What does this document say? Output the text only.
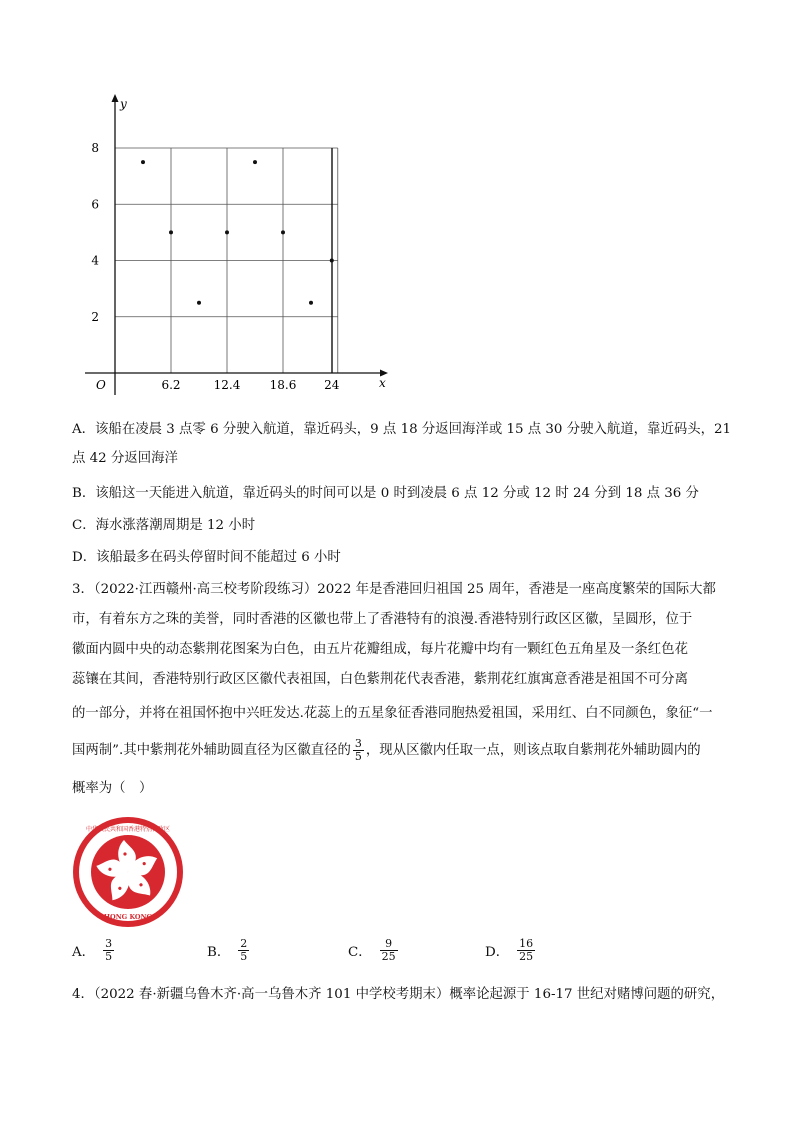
x
y
O
2
4
6
8
6.2	12.4 18.6 24
A．该船在凌晨 3 点零 6 分驶入航道，靠近码头，9 点 18 分返回海洋或 15 点 30 分驶入航道，靠近码头，21
点 42 分返回海洋
B．该船这一天能进入航道，靠近码头的时间可以是 0 时到凌晨 6 点 12 分或 12 时 24 分到 18 点 36 分
C．海水涨落潮周期是 12 小时
D．该船最多在码头停留时间不能超过 6 小时
3．（2022·江西赣州·高三校考阶段练习）2022 年是香港回归祖国 25 周年，香港是一座高度繁荣的国际大都
市，有着东方之珠的美誉，同时香港的区徽也带上了香港特有的浪漫.香港特别行政区区徽，呈圆形，位于
徽面内圆中央的动态紫荆花图案为白色，由五片花瓣组成，每片花瓣中均有一颗红色五角星及一条红色花
蕊镶在其间，香港特别行政区区徽代表祖国，白色紫荆花代表香港，紫荆花红旗寓意香港是祖国不可分离
的一部分，并将在祖国怀抱中兴旺发达.花蕊上的五星象征香港同胞热爱祖国，采用红、白不同颜色，象征“一
国两制”.其中紫荆花外辅助圆直径为区徽直径的 $\frac{3}{5}$ ，现从区徽内任取一点，则该点取自紫荆花外辅助圆内的
概率为（　）
中华人民共和国香港特别行政区
HONG KONG
A． $\frac{3}{5}$	B． $\frac{2}{5}$	C． $\frac{9}{25}$	D． $\frac{16}{25}$
4．（2022 春·新疆乌鲁木齐·高一乌鲁木齐 101 中学校考期末）概率论起源于 16-17 世纪对赌博问题的研究，
